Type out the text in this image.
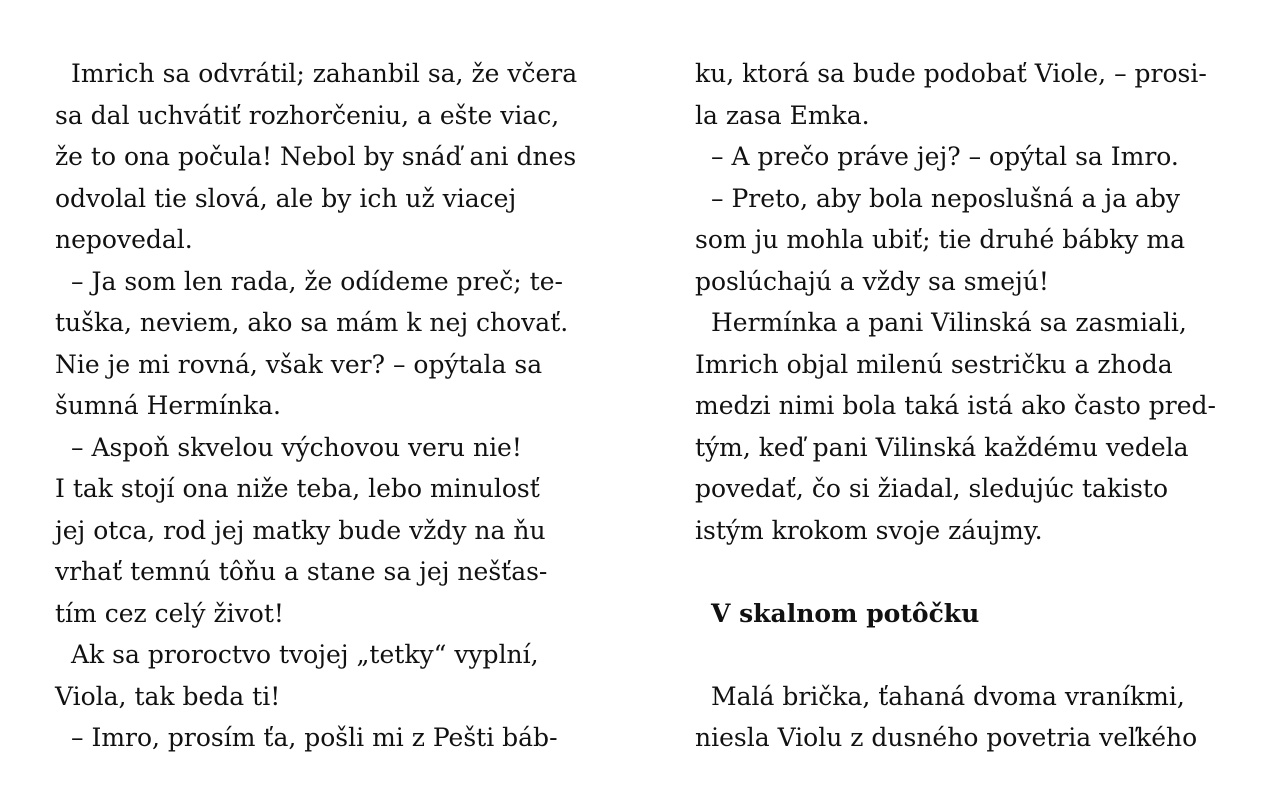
Imrich sa odvrátil; zahanbil sa, že včera
sa dal uchvátiť rozhorčeniu, a ešte viac,
že to ona počula! Nebol by snáď ani dnes
odvolal tie slová, ale by ich už viacej
nepovedal.
– Ja som len rada, že odídeme preč; te-
tuška, neviem, ako sa mám k nej chovať.
Nie je mi rovná, však ver? – opýtala sa
šumná Hermínka.
– Aspoň skvelou výchovou veru nie!
I tak stojí ona niže teba, lebo minulosť
jej otca, rod jej matky bude vždy na ňu
vrhať temnú tôňu a stane sa jej nešťas-
tím cez celý život!
Ak sa proroctvo tvojej „tetky“ vyplní,
Viola, tak beda ti!
– Imro, prosím ťa, pošli mi z Pešti báb-
ku, ktorá sa bude podobať Viole, – prosi-
la zasa Emka.
– A prečo práve jej? – opýtal sa Imro.
– Preto, aby bola neposlušná a ja aby
som ju mohla ubiť; tie druhé bábky ma
poslúchajú a vždy sa smejú!
Hermínka a pani Vilinská sa zasmiali,
Imrich objal milenú sestričku a zhoda
medzi nimi bola taká istá ako často pred-
tým, keď pani Vilinská každému vedela
povedať, čo si žiadal, sledujúc takisto
istým krokom svoje záujmy.
V skalnom potôčku
Malá brička, ťahaná dvoma vraníkmi,
niesla Violu z dusného povetria veľkého
